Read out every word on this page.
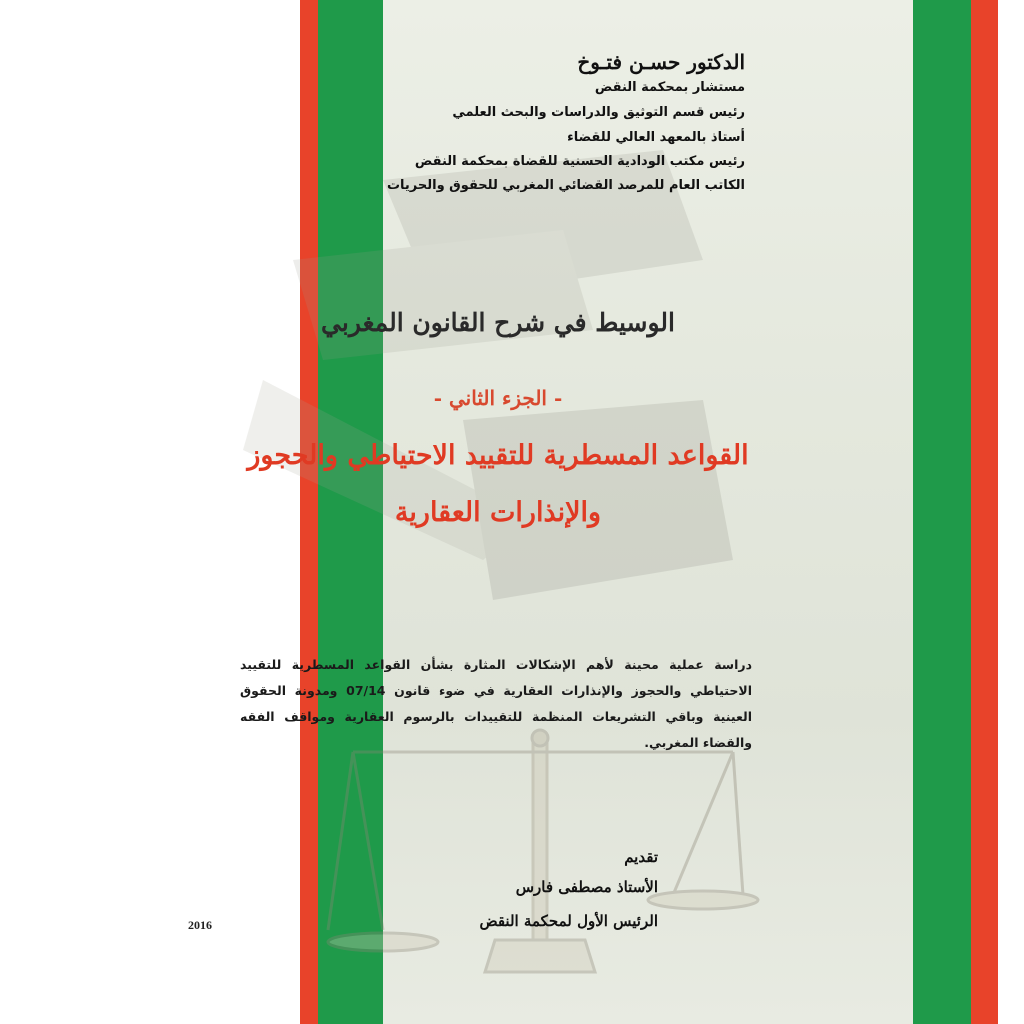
الدكتور حسـن فتـوخ

مستشار بمحكمة النقض

رئيس قسم التوثيق والدراسات والبحث العلمي

أستاذ بالمعهد العالي للقضاء

رئيس مكتب الودادية الحسنية للقضاة بمحكمة النقض

الكاتب العام للمرصد القضائي المغربي للحقوق والحريات

الوسيط في شرح القانون المغربي

- الجزء الثاني -

القواعد المسطرية للتقييد الاحتياطي والحجوز

والإنذارات العقارية

دراسة عملية محينة لأهم الإشكالات المثارة بشأن القواعد المسطرية للتقييد الاحتياطي والحجوز والإنذارات العقارية في ضوء قانون 07/14 ومدونة الحقوق العينية وباقي التشريعات المنظمة للتقييدات بالرسوم العقارية ومواقف الفقه والقضاء المغربي.

تقديم

الأستاذ مصطفى فارس

الرئيس الأول لمحكمة النقض

2016
